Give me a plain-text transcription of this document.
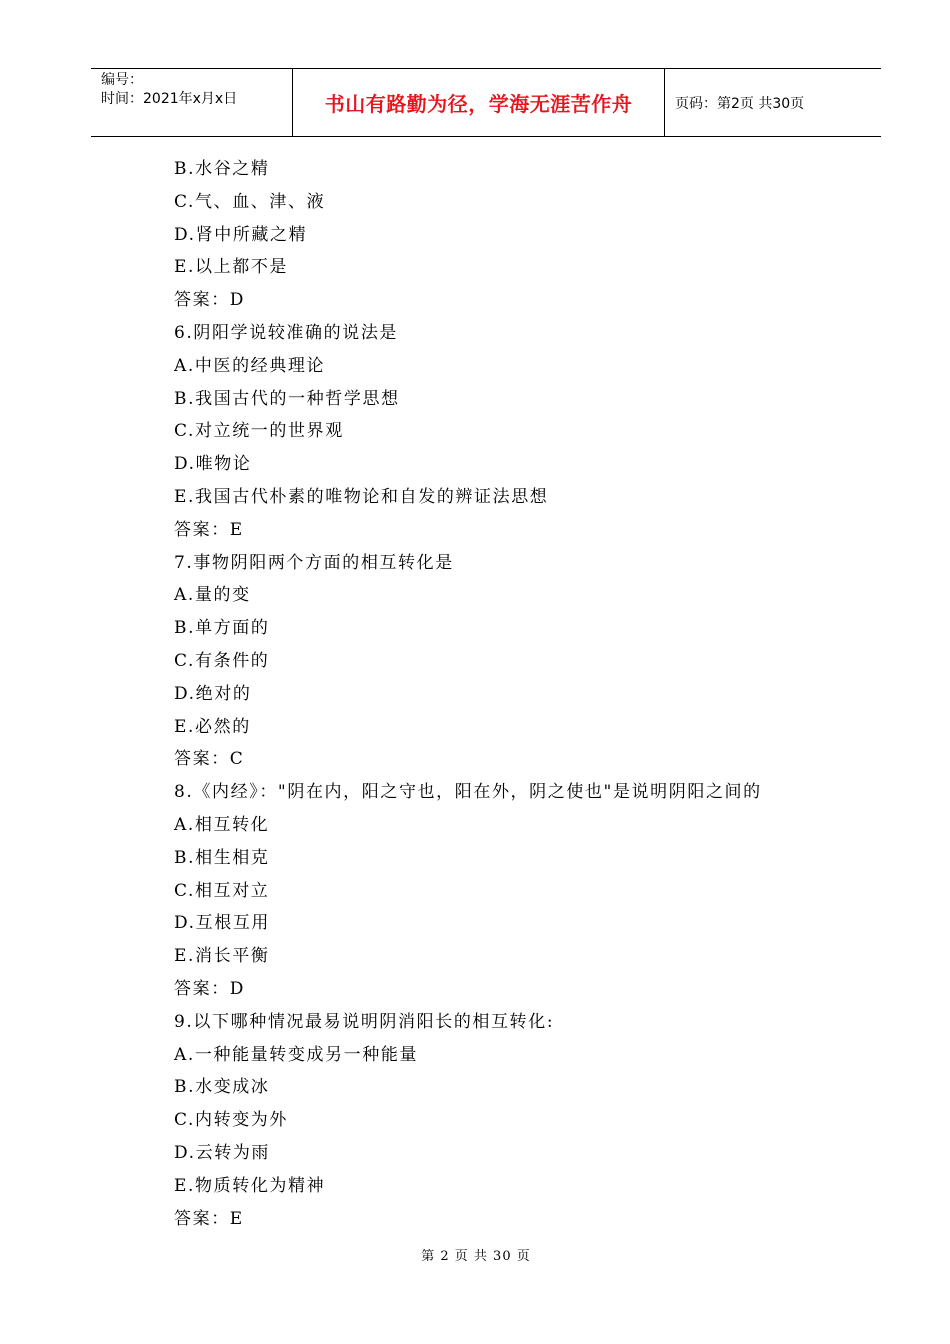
编号：
时间：2021年x月x日	书山有路勤为径，学海无涯苦作舟	页码：第2页 共30页
B.水谷之精
C.气、血、津、液
D.肾中所藏之精
E.以上都不是
答案：D
6.阴阳学说较准确的说法是
A.中医的经典理论
B.我国古代的一种哲学思想
C.对立统一的世界观
D.唯物论
E.我国古代朴素的唯物论和自发的辨证法思想
答案：E
7.事物阴阳两个方面的相互转化是
A.量的变
B.单方面的
C.有条件的
D.绝对的
E.必然的
答案：C
8.《内经》："阴在内，阳之守也，阳在外，阴之使也"是说明阴阳之间的
A.相互转化
B.相生相克
C.相互对立
D.互根互用
E.消长平衡
答案：D
9.以下哪种情况最易说明阴消阳长的相互转化:
A.一种能量转变成另一种能量
B.水变成冰
C.内转变为外
D.云转为雨
E.物质转化为精神
答案：E
第 2 页 共 30 页
